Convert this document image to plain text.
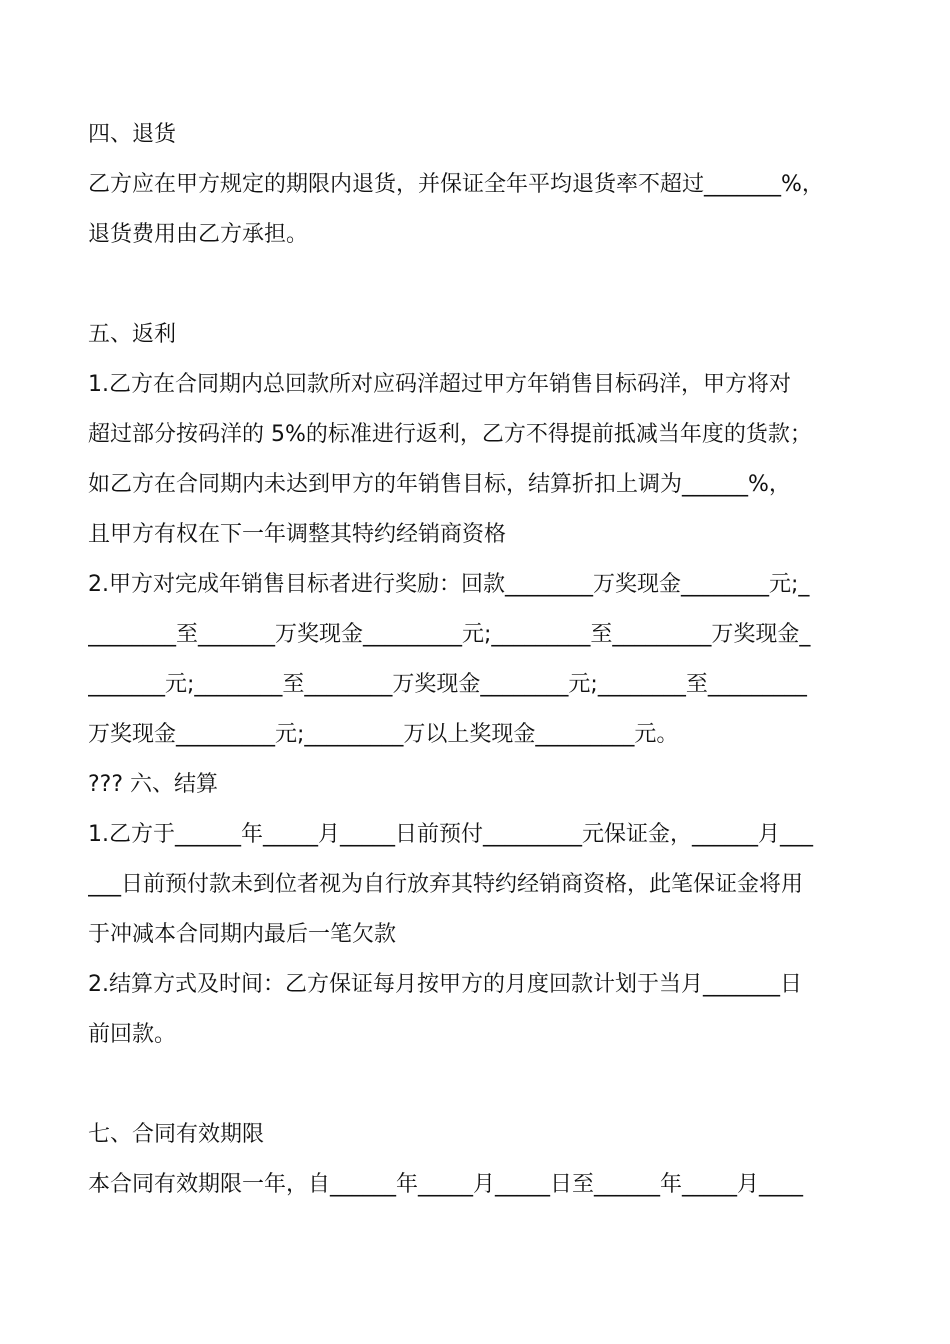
四、退货
乙方应在甲方规定的期限内退货，并保证全年平均退货率不超过_______%，
退货费用由乙方承担。
五、返利
1.乙方在合同期内总回款所对应码洋超过甲方年销售目标码洋，甲方将对
超过部分按码洋的 5%的标准进行返利，乙方不得提前抵减当年度的货款；
如乙方在合同期内未达到甲方的年销售目标，结算折扣上调为______%，
且甲方有权在下一年调整其特约经销商资格
2.甲方对完成年销售目标者进行奖励：回款________万奖现金________元;_
________至_______万奖现金_________元;_________至_________万奖现金_
_______元;________至________万奖现金________元;________至_________
万奖现金_________元;_________万以上奖现金_________元。
??? 六、结算
1.乙方于______年_____月_____日前预付_________元保证金，______月___
___日前预付款未到位者视为自行放弃其特约经销商资格，此笔保证金将用
于冲减本合同期内最后一笔欠款
2.结算方式及时间：乙方保证每月按甲方的月度回款计划于当月_______日
前回款。
七、合同有效期限
本合同有效期限一年，自______年_____月_____日至______年_____月____
